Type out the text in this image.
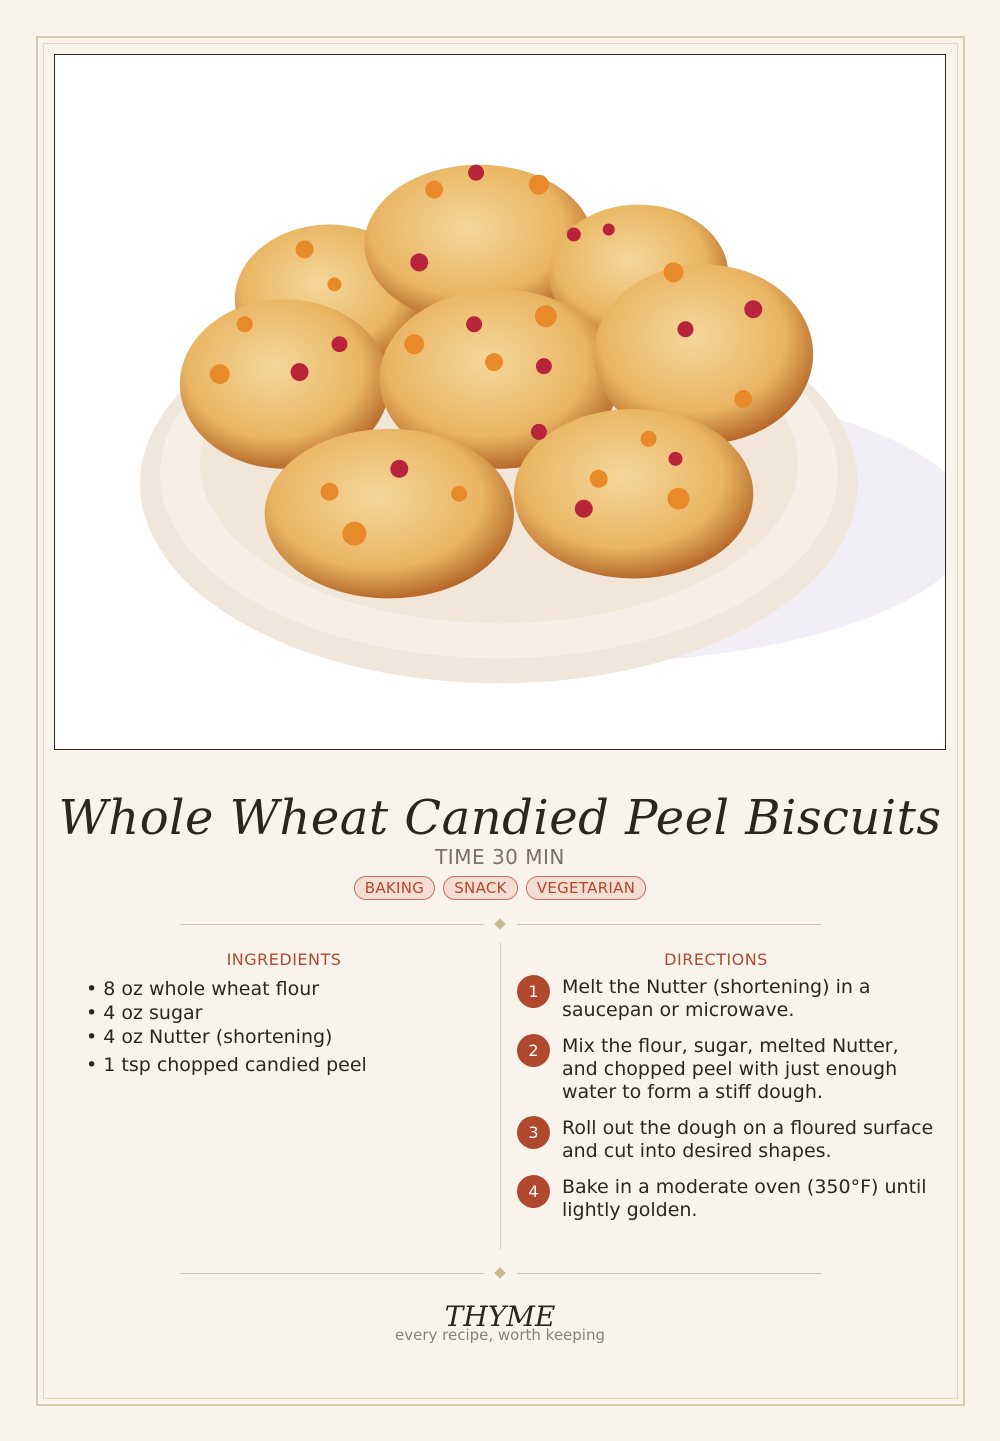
Whole Wheat Candied Peel Biscuits
TIME 30 MIN
BAKING	SNACK	VEGETARIAN
INGREDIENTS	DIRECTIONS
• 8 oz whole wheat flour
• 4 oz sugar
• 4 oz Nutter (shortening)
• 1 tsp chopped candied peel
1	Melt the Nutter (shortening) in a saucepan or microwave.
2	Mix the flour, sugar, melted Nutter, and chopped peel with just enough water to form a stiff dough.
3	Roll out the dough on a floured surface and cut into desired shapes.
4	Bake in a moderate oven (350°F) until lightly golden.
THYME
every recipe, worth keeping
